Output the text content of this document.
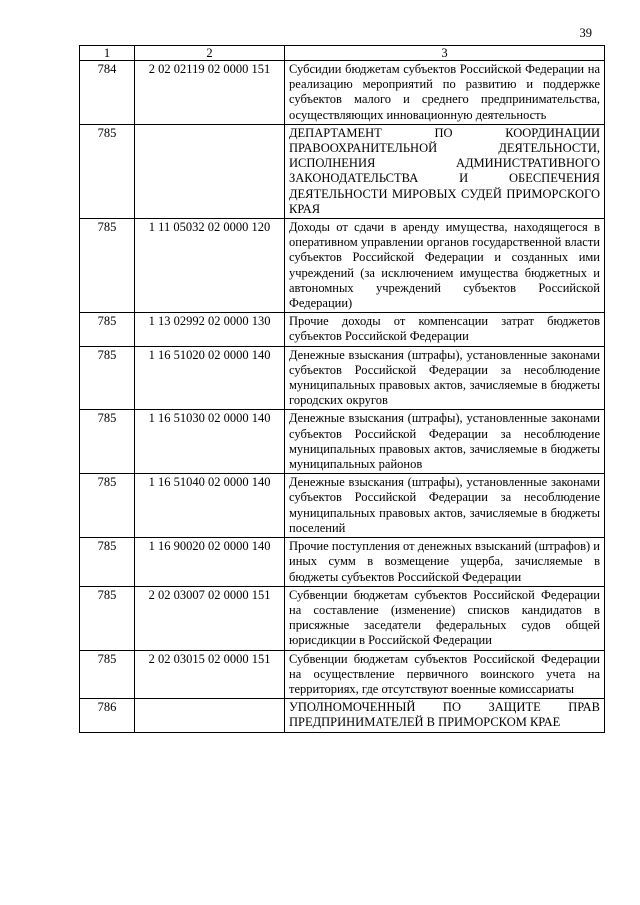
39
1	2	3
784	2 02 02119 02 0000 151	Субсидии бюджетам субъектов Российской Федерации на реализацию мероприятий по развитию и поддержке субъектов малого и среднего предпринимательства, осуществляющих инновационную деятельность
785		ДЕПАРТАМЕНТ ПО КООРДИНАЦИИ ПРАВООХРАНИТЕЛЬНОЙ ДЕЯТЕЛЬНОСТИ, ИСПОЛНЕНИЯ АДМИНИСТРАТИВНОГО ЗАКОНОДАТЕЛЬСТВА И ОБЕСПЕЧЕНИЯ ДЕЯТЕЛЬНОСТИ МИРОВЫХ СУДЕЙ ПРИМОРСКОГО КРАЯ
785	1 11 05032 02 0000 120	Доходы от сдачи в аренду имущества, находящегося в оперативном управлении органов государственной власти субъектов Российской Федерации и созданных ими учреждений (за исключением имущества бюджетных и автономных учреждений субъектов Российской Федерации)
785	1 13 02992 02 0000 130	Прочие доходы от компенсации затрат бюджетов субъектов Российской Федерации
785	1 16 51020 02 0000 140	Денежные взыскания (штрафы), установленные законами субъектов Российской Федерации за несоблюдение муниципальных правовых актов, зачисляемые в бюджеты городских округов
785	1 16 51030 02 0000 140	Денежные взыскания (штрафы), установленные законами субъектов Российской Федерации за несоблюдение муниципальных правовых актов, зачисляемые в бюджеты муниципальных районов
785	1 16 51040 02 0000 140	Денежные взыскания (штрафы), установленные законами субъектов Российской Федерации за несоблюдение муниципальных правовых актов, зачисляемые в бюджеты поселений
785	1 16 90020 02 0000 140	Прочие поступления от денежных взысканий (штрафов) и иных сумм в возмещение ущерба, зачисляемые в бюджеты субъектов Российской Федерации
785	2 02 03007 02 0000 151	Субвенции бюджетам субъектов Российской Федерации на составление (изменение) списков кандидатов в присяжные заседатели федеральных судов общей юрисдикции в Российской Федерации
785	2 02 03015 02 0000 151	Субвенции бюджетам субъектов Российской Федерации на осуществление первичного воинского учета на территориях, где отсутствуют военные комиссариаты
786		УПОЛНОМОЧЕННЫЙ ПО ЗАЩИТЕ ПРАВ ПРЕДПРИНИМАТЕЛЕЙ В ПРИМОРСКОМ КРАЕ
